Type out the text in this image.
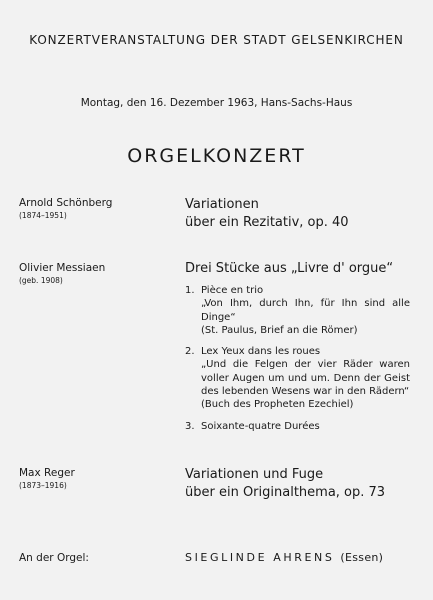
KONZERTVERANSTALTUNG DER STADT GELSENKIRCHEN
Montag, den 16. Dezember 1963, Hans-Sachs-Haus
ORGELKONZERT
Arnold Schönberg
(1874–1951)
Variationen
über ein Rezitativ, op. 40
Olivier Messiaen
(geb. 1908)
Drei Stücke aus „Livre d' orgue“
1. Pièce en trio
„Von Ihm, durch Ihn, für Ihn sind alle Dinge“
(St. Paulus, Brief an die Römer)
2. Lex Yeux dans les roues
„Und die Felgen der vier Räder waren voller Augen um und um. Denn der Geist des lebenden Wesens war in den Rädern“
(Buch des Propheten Ezechiel)
3. Soixante-quatre Durées
Max Reger
(1873–1916)
Variationen und Fuge
über ein Originalthema, op. 73
An der Orgel:	SIEGLINDE AHRENS (Essen)
